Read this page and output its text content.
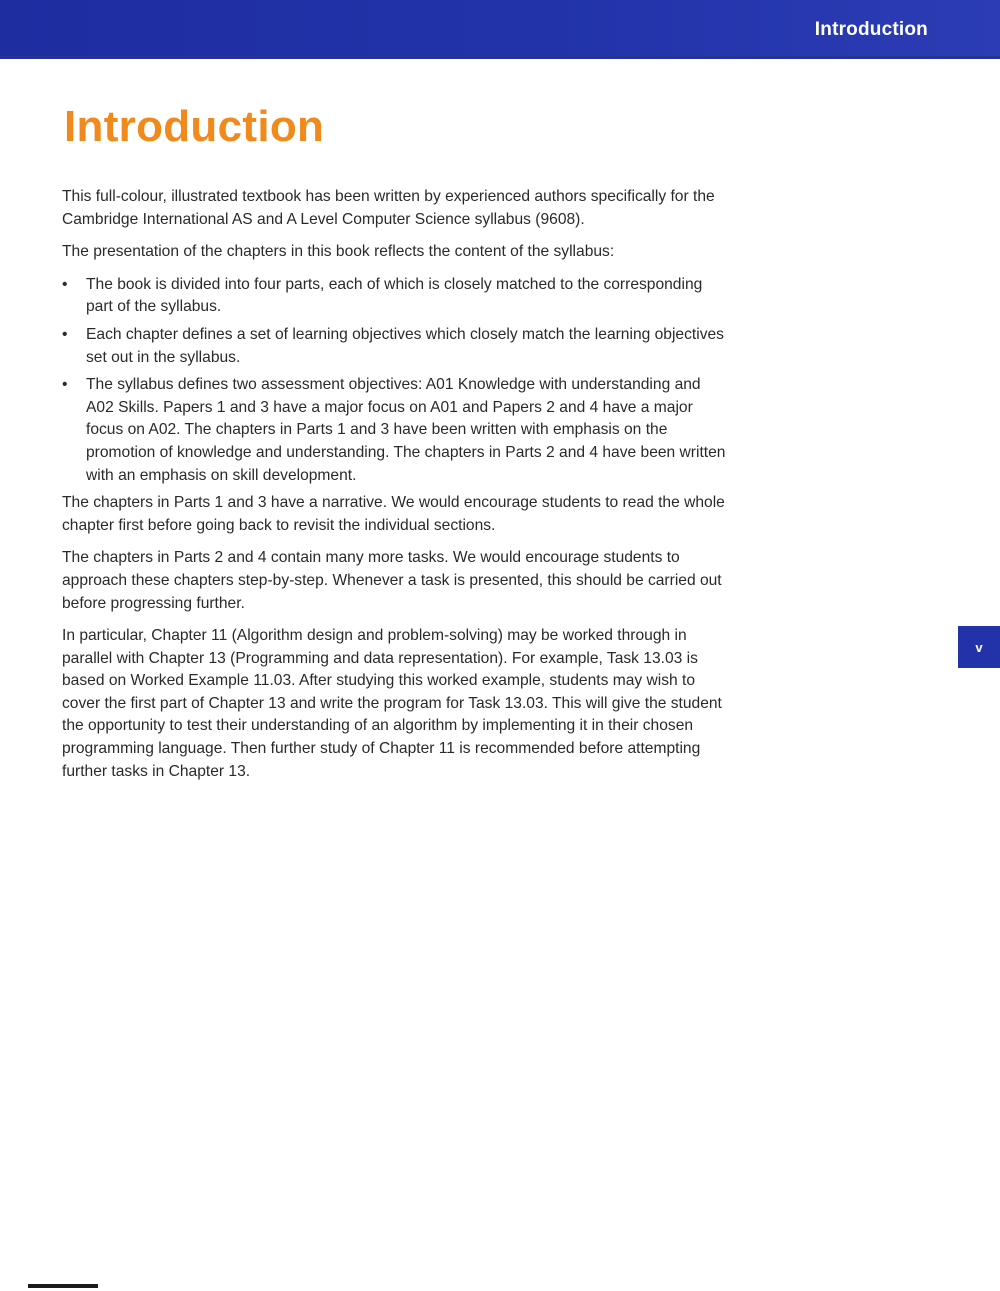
Introduction
Introduction

This full-colour, illustrated textbook has been written by experienced authors specifically for the Cambridge International AS and A Level Computer Science syllabus (9608).

The presentation of the chapters in this book reflects the content of the syllabus:

• The book is divided into four parts, each of which is closely matched to the corresponding part of the syllabus.
• Each chapter defines a set of learning objectives which closely match the learning objectives set out in the syllabus.
• The syllabus defines two assessment objectives: A01 Knowledge with understanding and A02 Skills. Papers 1 and 3 have a major focus on A01 and Papers 2 and 4 have a major focus on A02. The chapters in Parts 1 and 3 have been written with emphasis on the promotion of knowledge and understanding. The chapters in Parts 2 and 4 have been written with an emphasis on skill development.

The chapters in Parts 1 and 3 have a narrative. We would encourage students to read the whole chapter first before going back to revisit the individual sections.

The chapters in Parts 2 and 4 contain many more tasks. We would encourage students to approach these chapters step-by-step. Whenever a task is presented, this should be carried out before progressing further.

In particular, Chapter 11 (Algorithm design and problem-solving) may be worked through in parallel with Chapter 13 (Programming and data representation). For example, Task 13.03 is based on Worked Example 11.03. After studying this worked example, students may wish to cover the first part of Chapter 13 and write the program for Task 13.03. This will give the student the opportunity to test their understanding of an algorithm by implementing it in their chosen programming language. Then further study of Chapter 11 is recommended before attempting further tasks in Chapter 13.

v
